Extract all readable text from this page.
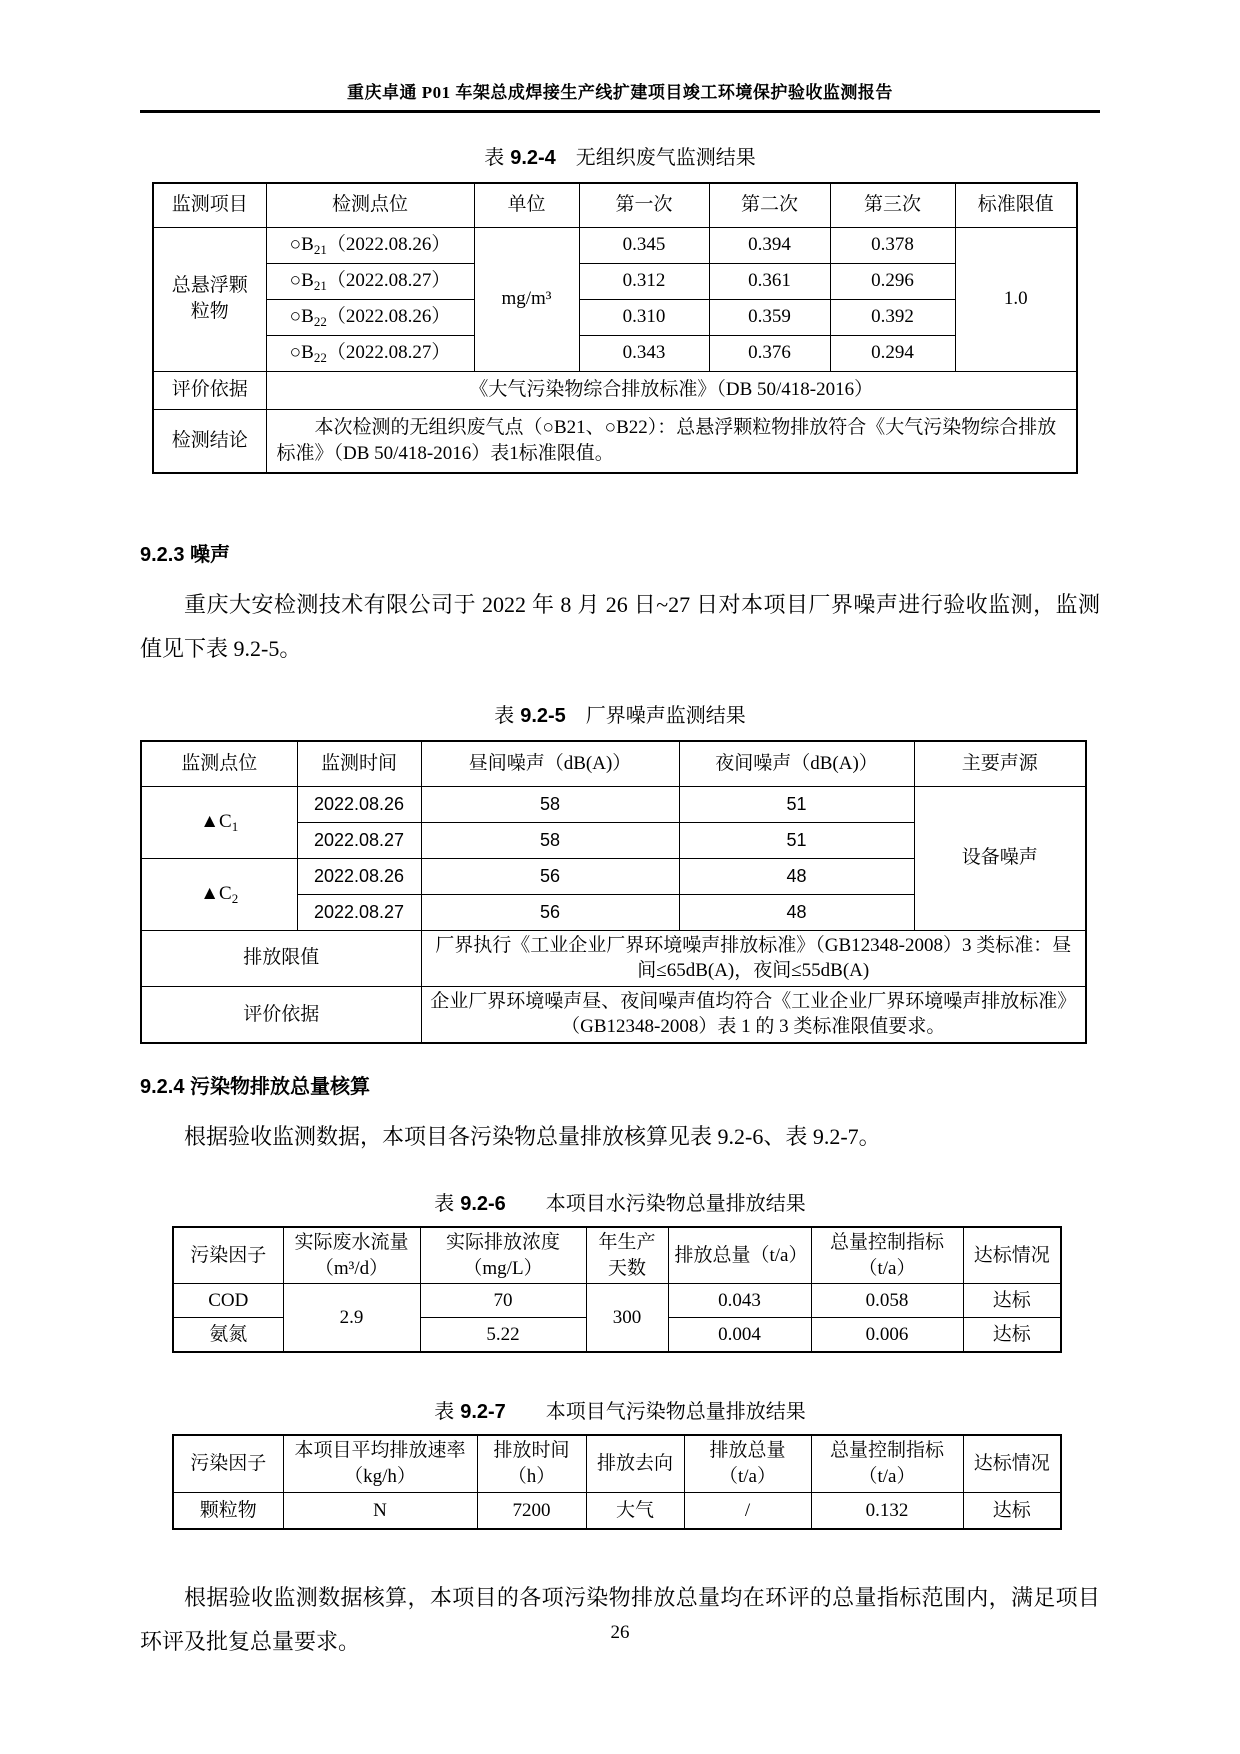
重庆卓通 P01 车架总成焊接生产线扩建项目竣工环境保护验收监测报告
表 9.2-4 无组织废气监测结果
监测项目	检测点位	单位	第一次	第二次	第三次	标准限值
总悬浮颗粒物	$○B_{21}(2022.08.26)$	mg/m³	0.345	0.394	0.378	1.0
	$○B_{21}(2022.08.27)$		0.312	0.361	0.296	
	$○B_{22}(2022.08.26)$		0.310	0.359	0.392	
	$○B_{22}(2022.08.27)$		0.343	0.376	0.294	
评价依据	《大气污染物综合排放标准》（DB 50/418-2016）					
检测结论	本次检测的无组织废气点（○B21、○B22）：总悬浮颗粒物排放符合《大气污染物综合排放标准》（DB 50/418-2016）表1标准限值。					
9.2.3 噪声

重庆大安检测技术有限公司于 2022 年 8 月 26 日~27 日对本项目厂界噪声进行验收监测，监测值见下表 9.2-5。

表 9.2-5 厂界噪声监测结果
监测点位	监测时间	昼间噪声（dB(A)）	夜间噪声（dB(A)）	主要声源
$▲C_1$	2022.08.26	58	51	设备噪声
	2022.08.27	58	51	
$▲C_2$	2022.08.26	56	48	
	2022.08.27	56	48	
排放限值		厂界执行《工业企业厂界环境噪声排放标准》（GB12348-2008）3 类标准：昼间≤65dB(A)，夜间≤55dB(A)		
评价依据		企业厂界环境噪声昼、夜间噪声值均符合《工业企业厂界环境噪声排放标准》（GB12348-2008）表 1 的 3 类标准限值要求。		
9.2.4 污染物排放总量核算

根据验收监测数据，本项目各污染物总量排放核算见表 9.2-6、表 9.2-7。

表 9.2-6 本项目水污染物总量排放结果
污染因子	实际废水流量（m³/d）	实际排放浓度（mg/L）	年生产天数	排放总量（t/a）	总量控制指标（t/a）	达标情况
COD	2.9	70	300	0.043	0.058	达标
氨氮		5.22		0.004	0.006	达标
表 9.2-7 本项目气污染物总量排放结果
污染因子	本项目平均排放速率（kg/h）	排放时间（h）	排放去向	排放总量（t/a）	总量控制指标（t/a）	达标情况
颗粒物	N	7200	大气	/	0.132	达标

根据验收监测数据核算，本项目的各项污染物排放总量均在环评的总量指标范围内，满足项目环评及批复总量要求。	26
